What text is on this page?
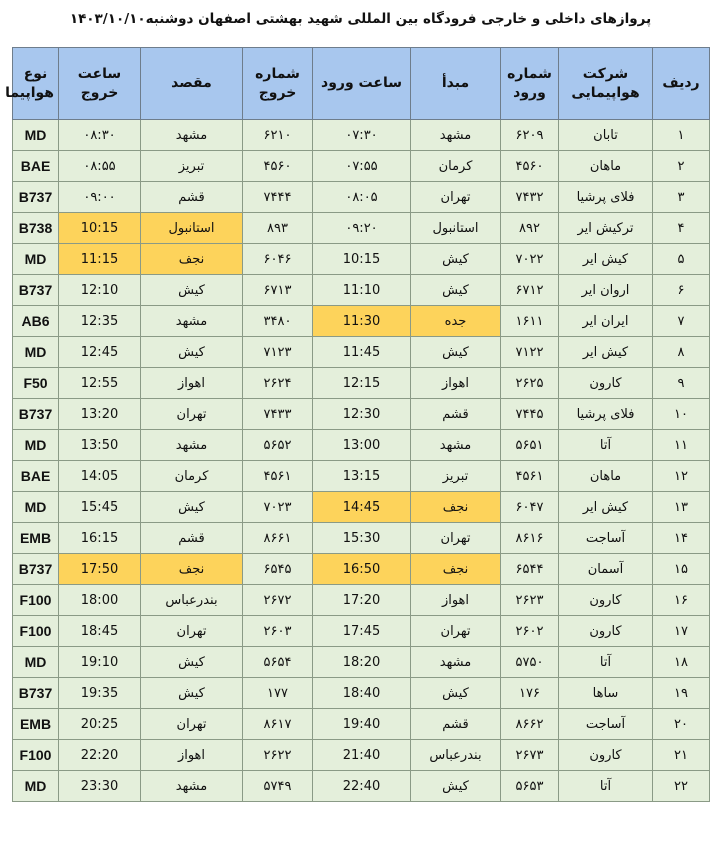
پروازهای داخلی و خارجی فرودگاه بین المللی شهید بهشتی اصفهان دوشنبه۱۴۰۳/۱۰/۱۰
ردیف	شرکت هواپیمایی	شماره ورود	مبدأ	ساعت ورود	شماره خروج	مقصد	ساعت خروج	نوع هواپیما
۱	تابان	۶۲۰۹	مشهد	۰۷:۳۰	۶۲۱۰	مشهد	۰۸:۳۰	MD
۲	ماهان	۴۵۶۰	کرمان	۰۷:۵۵	۴۵۶۰	تبریز	۰۸:۵۵	BAE
۳	فلای پرشیا	۷۴۳۲	تهران	۰۸:۰۵	۷۴۴۴	قشم	۰۹:۰۰	B737
۴	ترکیش ایر	۸۹۲	استانبول	۰۹:۲۰	۸۹۳	استانبول	10:15	B738
۵	کیش ایر	۷۰۲۲	کیش	10:15	۶۰۴۶	نجف	11:15	MD
۶	اروان ایر	۶۷۱۲	کیش	11:10	۶۷۱۳	کیش	12:10	B737
۷	ایران ایر	۱۶۱۱	جده	11:30	۳۴۸۰	مشهد	12:35	AB6
۸	کیش ایر	۷۱۲۲	کیش	11:45	۷۱۲۳	کیش	12:45	MD
۹	کارون	۲۶۲۵	اهواز	12:15	۲۶۲۴	اهواز	12:55	F50
۱۰	فلای پرشیا	۷۴۴۵	قشم	12:30	۷۴۳۳	تهران	13:20	B737
۱۱	آتا	۵۶۵۱	مشهد	13:00	۵۶۵۲	مشهد	13:50	MD
۱۲	ماهان	۴۵۶۱	تبریز	13:15	۴۵۶۱	کرمان	14:05	BAE
۱۳	کیش ایر	۶۰۴۷	نجف	14:45	۷۰۲۳	کیش	15:45	MD
۱۴	آساجت	۸۶۱۶	تهران	15:30	۸۶۶۱	قشم	16:15	EMB
۱۵	آسمان	۶۵۴۴	نجف	16:50	۶۵۴۵	نجف	17:50	B737
۱۶	کارون	۲۶۲۳	اهواز	17:20	۲۶۷۲	بندرعباس	18:00	F100
۱۷	کارون	۲۶۰۲	تهران	17:45	۲۶۰۳	تهران	18:45	F100
۱۸	آتا	۵۷۵۰	مشهد	18:20	۵۶۵۴	کیش	19:10	MD
۱۹	ساها	۱۷۶	کیش	18:40	۱۷۷	کیش	19:35	B737
۲۰	آساجت	۸۶۶۲	قشم	19:40	۸۶۱۷	تهران	20:25	EMB
۲۱	کارون	۲۶۷۳	بندرعباس	21:40	۲۶۲۲	اهواز	22:20	F100
۲۲	آتا	۵۶۵۳	کیش	22:40	۵۷۴۹	مشهد	23:30	MD
